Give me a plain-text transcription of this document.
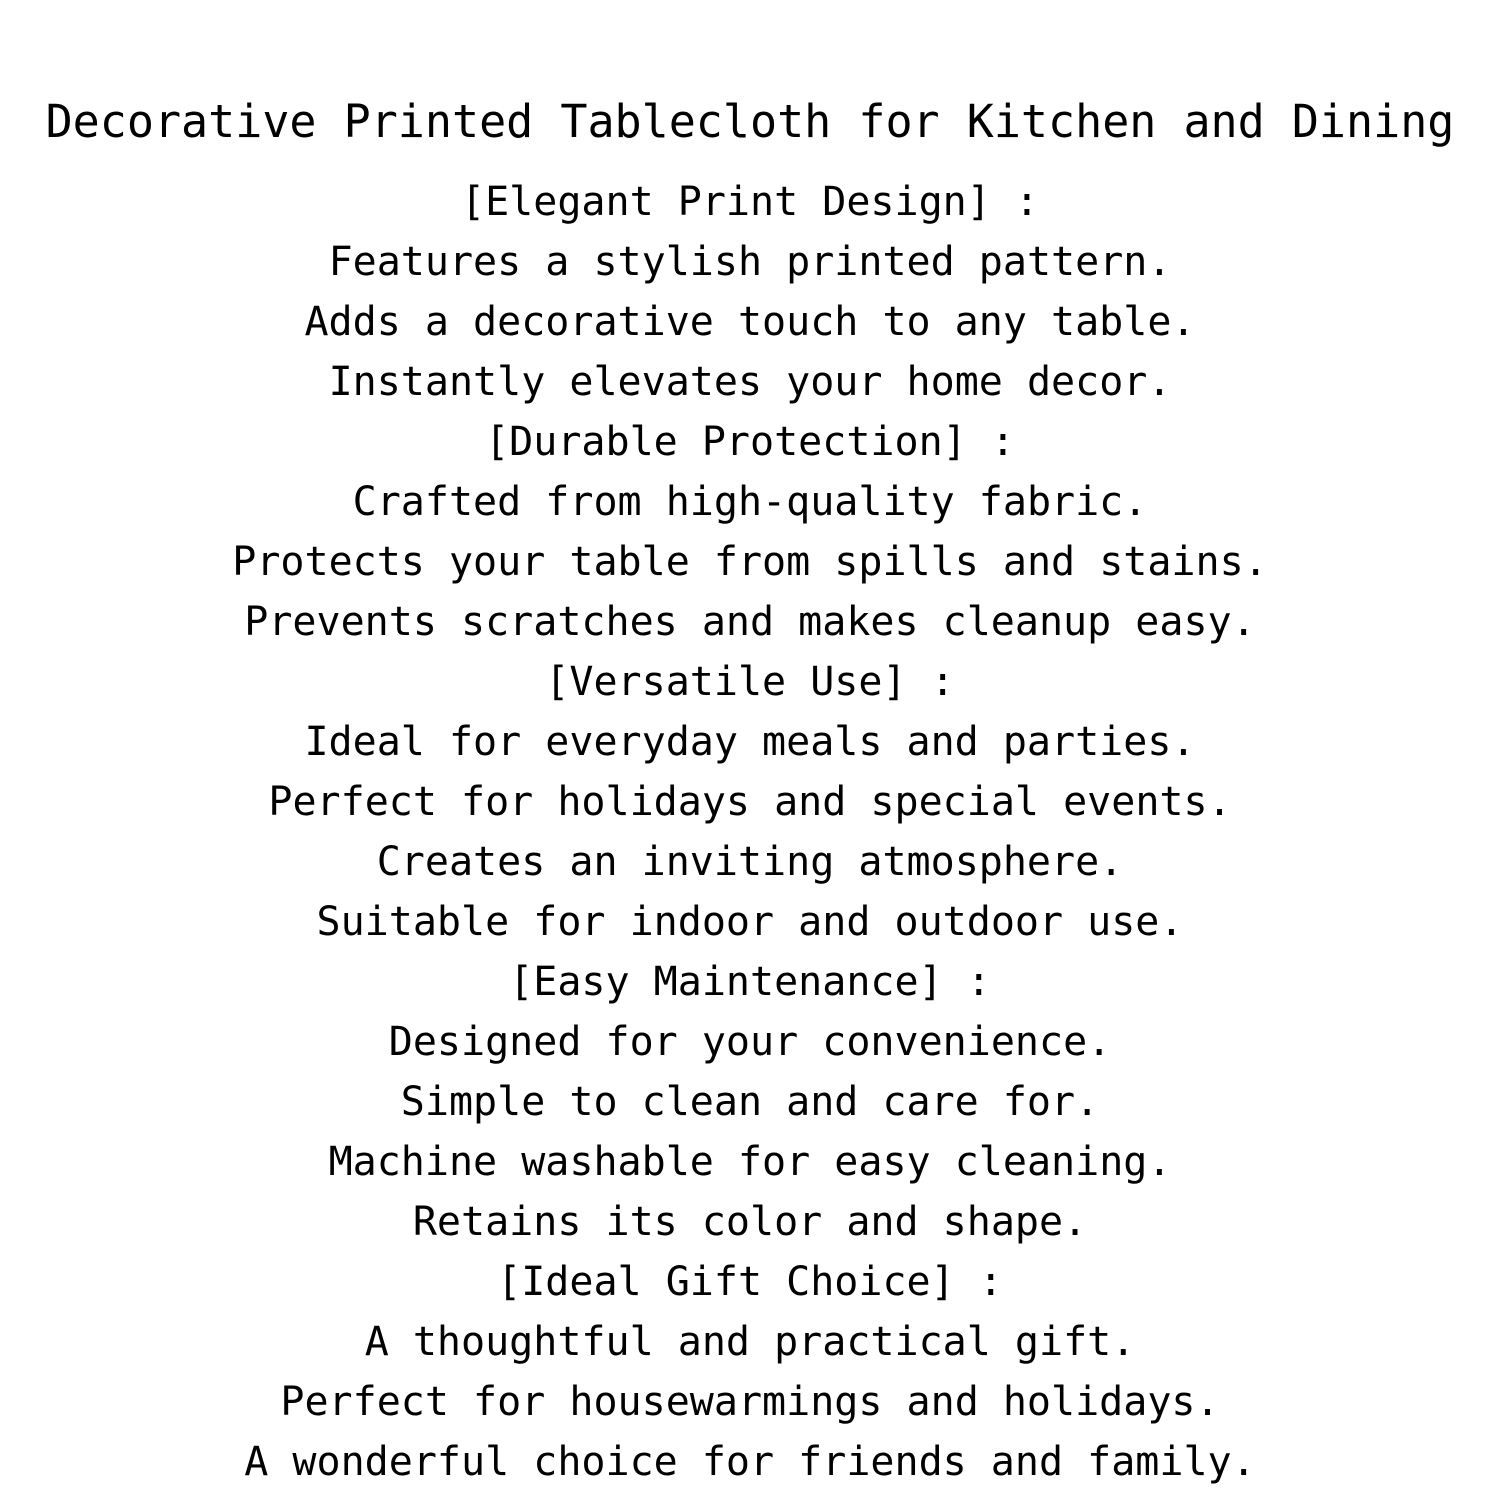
Decorative Printed Tablecloth for Kitchen and Dining
[Elegant Print Design] :
Features a stylish printed pattern.
Adds a decorative touch to any table.
Instantly elevates your home decor.
[Durable Protection] :
Crafted from high-quality fabric.
Protects your table from spills and stains.
Prevents scratches and makes cleanup easy.
[Versatile Use] :
Ideal for everyday meals and parties.
Perfect for holidays and special events.
Creates an inviting atmosphere.
Suitable for indoor and outdoor use.
[Easy Maintenance] :
Designed for your convenience.
Simple to clean and care for.
Machine washable for easy cleaning.
Retains its color and shape.
[Ideal Gift Choice] :
A thoughtful and practical gift.
Perfect for housewarmings and holidays.
A wonderful choice for friends and family.
